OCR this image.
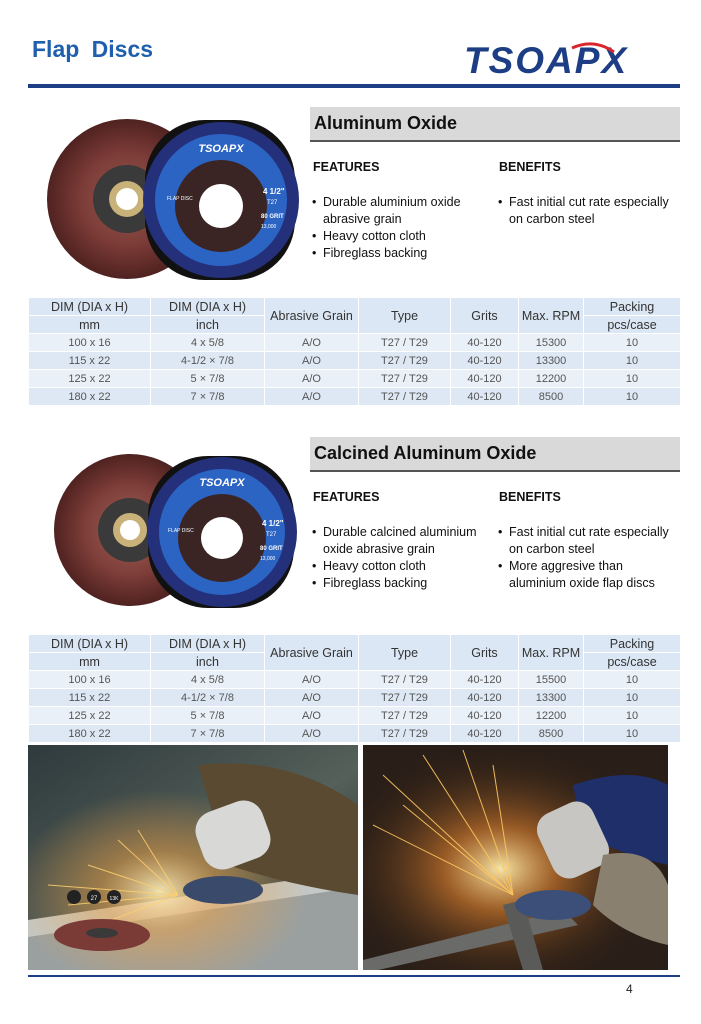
Flap Discs	TSOAPX
TSOAPX
FLAP DISC
4 1/2"
T27
80 GRIT
13,000
Aluminum Oxide
FEATURES	BENEFITS
• Durable aluminium oxide abrasive grain
• Heavy cotton cloth
• Fibreglass backing
• Fast initial cut rate especially on carbon steel
DIM (DIA x H)	DIM (DIA x H)	Abrasive Grain	Type	Grits	Max. RPM	Packing
mm	inch					pcs/case
100 x 16	4 x 5/8	A/O	T27 / T29	40-120	15300	10
115 x 22	4-1/2 × 7/8	A/O	T27 / T29	40-120	13300	10
125 x 22	5 × 7/8	A/O	T27 / T29	40-120	12200	10
180 x 22	7 × 7/8	A/O	T27 / T29	40-120	8500	10
TSOAPX
FLAP DISC
4 1/2"
T27
80 GRIT
13,000
Calcined Aluminum Oxide
FEATURES	BENEFITS
• Durable calcined aluminium oxide abrasive grain
• Heavy cotton cloth
• Fibreglass backing
• Fast initial cut rate especially on carbon steel
• More aggresive than aluminium oxide flap discs
DIM (DIA x H)	DIM (DIA x H)	Abrasive Grain	Type	Grits	Max. RPM	Packing
mm	inch					pcs/case
100 x 16	4 x 5/8	A/O	T27 / T29	40-120	15500	10
115 x 22	4-1/2 × 7/8	A/O	T27 / T29	40-120	13300	10
125 x 22	5 × 7/8	A/O	T27 / T29	40-120	12200	10
180 x 22	7 × 7/8	A/O	T27 / T29	40-120	8500	10
27 13K
4
